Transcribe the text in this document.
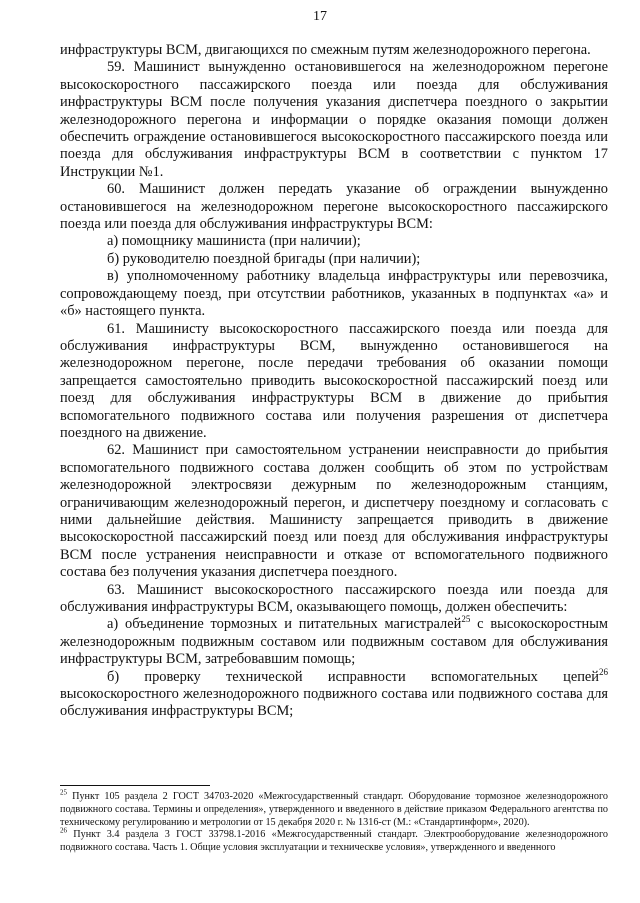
17

инфраструктуры ВСМ, двигающихся по смежным путям железнодорожного перегона.

59. Машинист вынужденно остановившегося на железнодорожном перегоне высокоскоростного пассажирского поезда или поезда для обслуживания инфраструктуры ВСМ после получения указания диспетчера поездного о закрытии железнодорожного перегона и информации о порядке оказания помощи должен обеспечить ограждение остановившегося высокоскоростного пассажирского поезда или поезда для обслуживания инфраструктуры ВСМ в соответствии с пунктом 17 Инструкции №1.

60. Машинист должен передать указание об ограждении вынужденно остановившегося на железнодорожном перегоне высокоскоростного пассажирского поезда или поезда для обслуживания инфраструктуры ВСМ:

а) помощнику машиниста (при наличии);

б) руководителю поездной бригады (при наличии);

в) уполномоченному работнику владельца инфраструктуры или перевозчика, сопровождающему поезд, при отсутствии работников, указанных в подпунктах «а» и «б» настоящего пункта.

61. Машинисту высокоскоростного пассажирского поезда или поезда для обслуживания инфраструктуры ВСМ, вынужденно остановившегося на железнодорожном перегоне, после передачи требования об оказании помощи запрещается самостоятельно приводить высокоскоростной пассажирский поезд или поезд для обслуживания инфраструктуры ВСМ в движение до прибытия вспомогательного подвижного состава или получения разрешения от диспетчера поездного на движение.

62. Машинист при самостоятельном устранении неисправности до прибытия вспомогательного подвижного состава должен сообщить об этом по устройствам железнодорожной электросвязи дежурным по железнодорожным станциям, ограничивающим железнодорожный перегон, и диспетчеру поездному и согласовать с ними дальнейшие действия. Машинисту запрещается приводить в движение высокоскоростной пассажирский поезд или поезд для обслуживания инфраструктуры ВСМ после устранения неисправности и отказе от вспомогательного подвижного состава без получения указания диспетчера поездного.

63. Машинист высокоскоростного пассажирского поезда или поезда для обслуживания инфраструктуры ВСМ, оказывающего помощь, должен обеспечить:

а) объединение тормозных и питательных магистралей$^{25}$ с высокоскоростным железнодорожным подвижным составом или подвижным составом для обслуживания инфраструктуры ВСМ, затребовавшим помощь;

б) проверку технической исправности вспомогательных цепей$^{26}$ высокоскоростного железнодорожного подвижного состава или подвижного состава для обслуживания инфраструктуры ВСМ;

$^{25}$ Пункт 105 раздела 2 ГОСТ 34703-2020 «Межгосударственный стандарт. Оборудование тормозное железнодорожного подвижного состава. Термины и определения», утвержденного и введенного в действие приказом Федерального агентства по техническому регулированию и метрологии от 15 декабря 2020 г. № 1316-ст (М.: «Стандартинформ», 2020).

$^{26}$ Пункт 3.4 раздела 3 ГОСТ 33798.1-2016 «Межгосударственный стандарт. Электрооборудование железнодорожного подвижного состава. Часть 1. Общие условия эксплуатации и техническве условия», утвержденного и введенного
